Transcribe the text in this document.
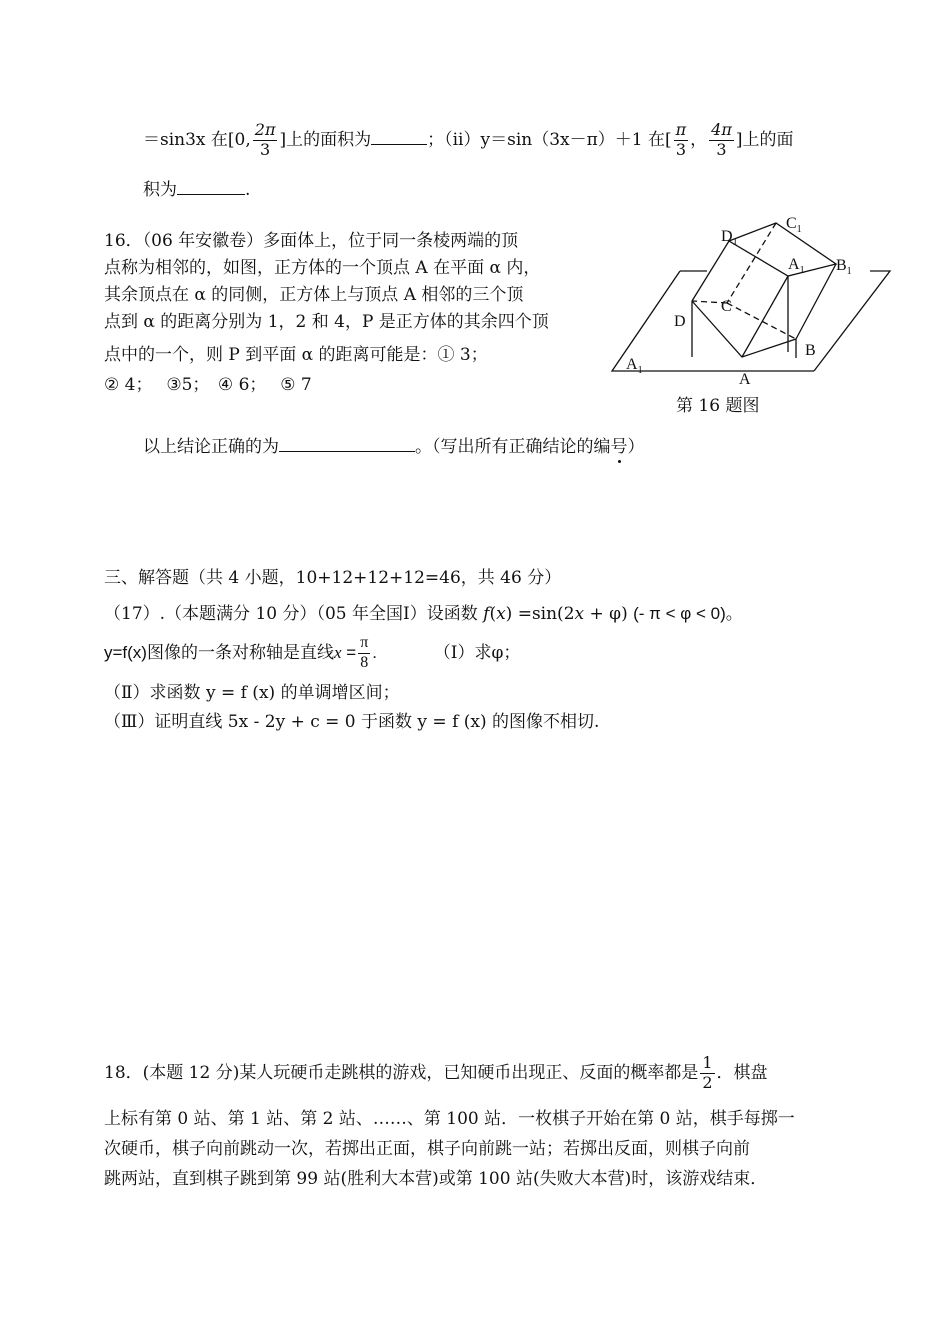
＝sin3x 在[0, $\frac{2\pi}{3}$ ]上的面积为	；（ii）y＝sin（3x－π）＋1 在[ $\frac{\pi}{3}$ ， $\frac{4\pi}{3}$ ]上的面
积为	.
16．（06 年安徽卷）多面体上，位于同一条棱两端的顶
点称为相邻的，如图，正方体的一个顶点 A 在平面 α 内，
其余顶点在 α 的同侧，正方体上与顶点 A 相邻的三个顶
点到 α 的距离分别为 1，2 和 4，P 是正方体的其余四个顶
点中的一个，则 P 到平面 α 的距离可能是：① 3；
② 4；　 ③5；　④ 6；　 ⑤ 7
$D_1$
$C_1$
$A_1$ $B_1$
C
D
B
A
$A_1$
第 16 题图
以上结论正确的为	。（写出所有正确结论的编号）
三、解答题（共 4 小题，10+12+12+12=46，共 46 分）
（17）.（本题满分 10 分）（05 年全国Ⅰ）设函数 f(x) =sin(2x + φ) (- π < φ < 0)。
y=f(x)图像的一条对称轴是直线$x = \frac{\pi}{8}$ .	（Ⅰ）求φ；
（Ⅱ）求函数 y = f (x) 的单调增区间；
（Ⅲ）证明直线 5x - 2y + c = 0 于函数 y = f (x) 的图像不相切.
18．(本题 12 分)某人玩硬币走跳棋的游戏，已知硬币出现正、反面的概率都是 $\frac{1}{2}$ ．棋盘
上标有第 0 站、第 1 站、第 2 站、……、第 100 站．一枚棋子开始在第 0 站，棋手每掷一
次硬币，棋子向前跳动一次，若掷出正面，棋子向前跳一站；若掷出反面，则棋子向前
跳两站，直到棋子跳到第 99 站(胜利大本营)或第 100 站(失败大本营)时，该游戏结束．
